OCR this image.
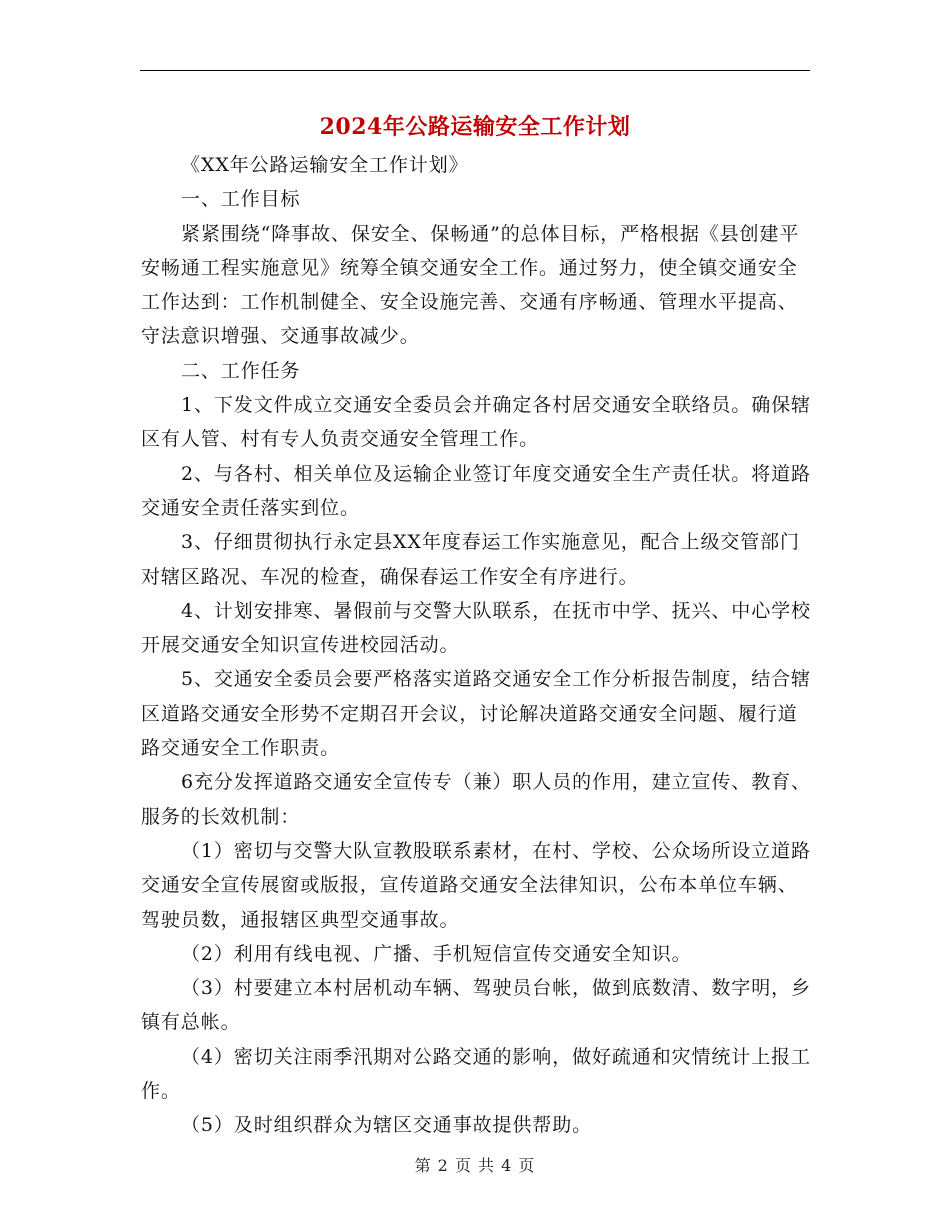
2024年公路运输安全工作计划

《XX年公路运输安全工作计划》

一、工作目标

紧紧围绕“降事故、保安全、保畅通”的总体目标，严格根据《县创建平安畅通工程实施意见》统筹全镇交通安全工作。通过努力，使全镇交通安全工作达到：工作机制健全、安全设施完善、交通有序畅通、管理水平提高、守法意识增强、交通事故减少。

二、工作任务

1、下发文件成立交通安全委员会并确定各村居交通安全联络员。确保辖区有人管、村有专人负责交通安全管理工作。

2、与各村、相关单位及运输企业签订年度交通安全生产责任状。将道路交通安全责任落实到位。

3、仔细贯彻执行永定县XX年度春运工作实施意见，配合上级交管部门对辖区路况、车况的检查，确保春运工作安全有序进行。

4、计划安排寒、暑假前与交警大队联系，在抚市中学、抚兴、中心学校开展交通安全知识宣传进校园活动。

5、交通安全委员会要严格落实道路交通安全工作分析报告制度，结合辖区道路交通安全形势不定期召开会议，讨论解决道路交通安全问题、履行道路交通安全工作职责。

6充分发挥道路交通安全宣传专（兼）职人员的作用，建立宣传、教育、服务的长效机制：

（1）密切与交警大队宣教股联系素材，在村、学校、公众场所设立道路交通安全宣传展窗或版报，宣传道路交通安全法律知识，公布本单位车辆、驾驶员数，通报辖区典型交通事故。

（2）利用有线电视、广播、手机短信宣传交通安全知识。

（3）村要建立本村居机动车辆、驾驶员台帐，做到底数清、数字明，乡镇有总帐。

（4）密切关注雨季汛期对公路交通的影响，做好疏通和灾情统计上报工作。

（5）及时组织群众为辖区交通事故提供帮助。

第 2 页 共 4 页
